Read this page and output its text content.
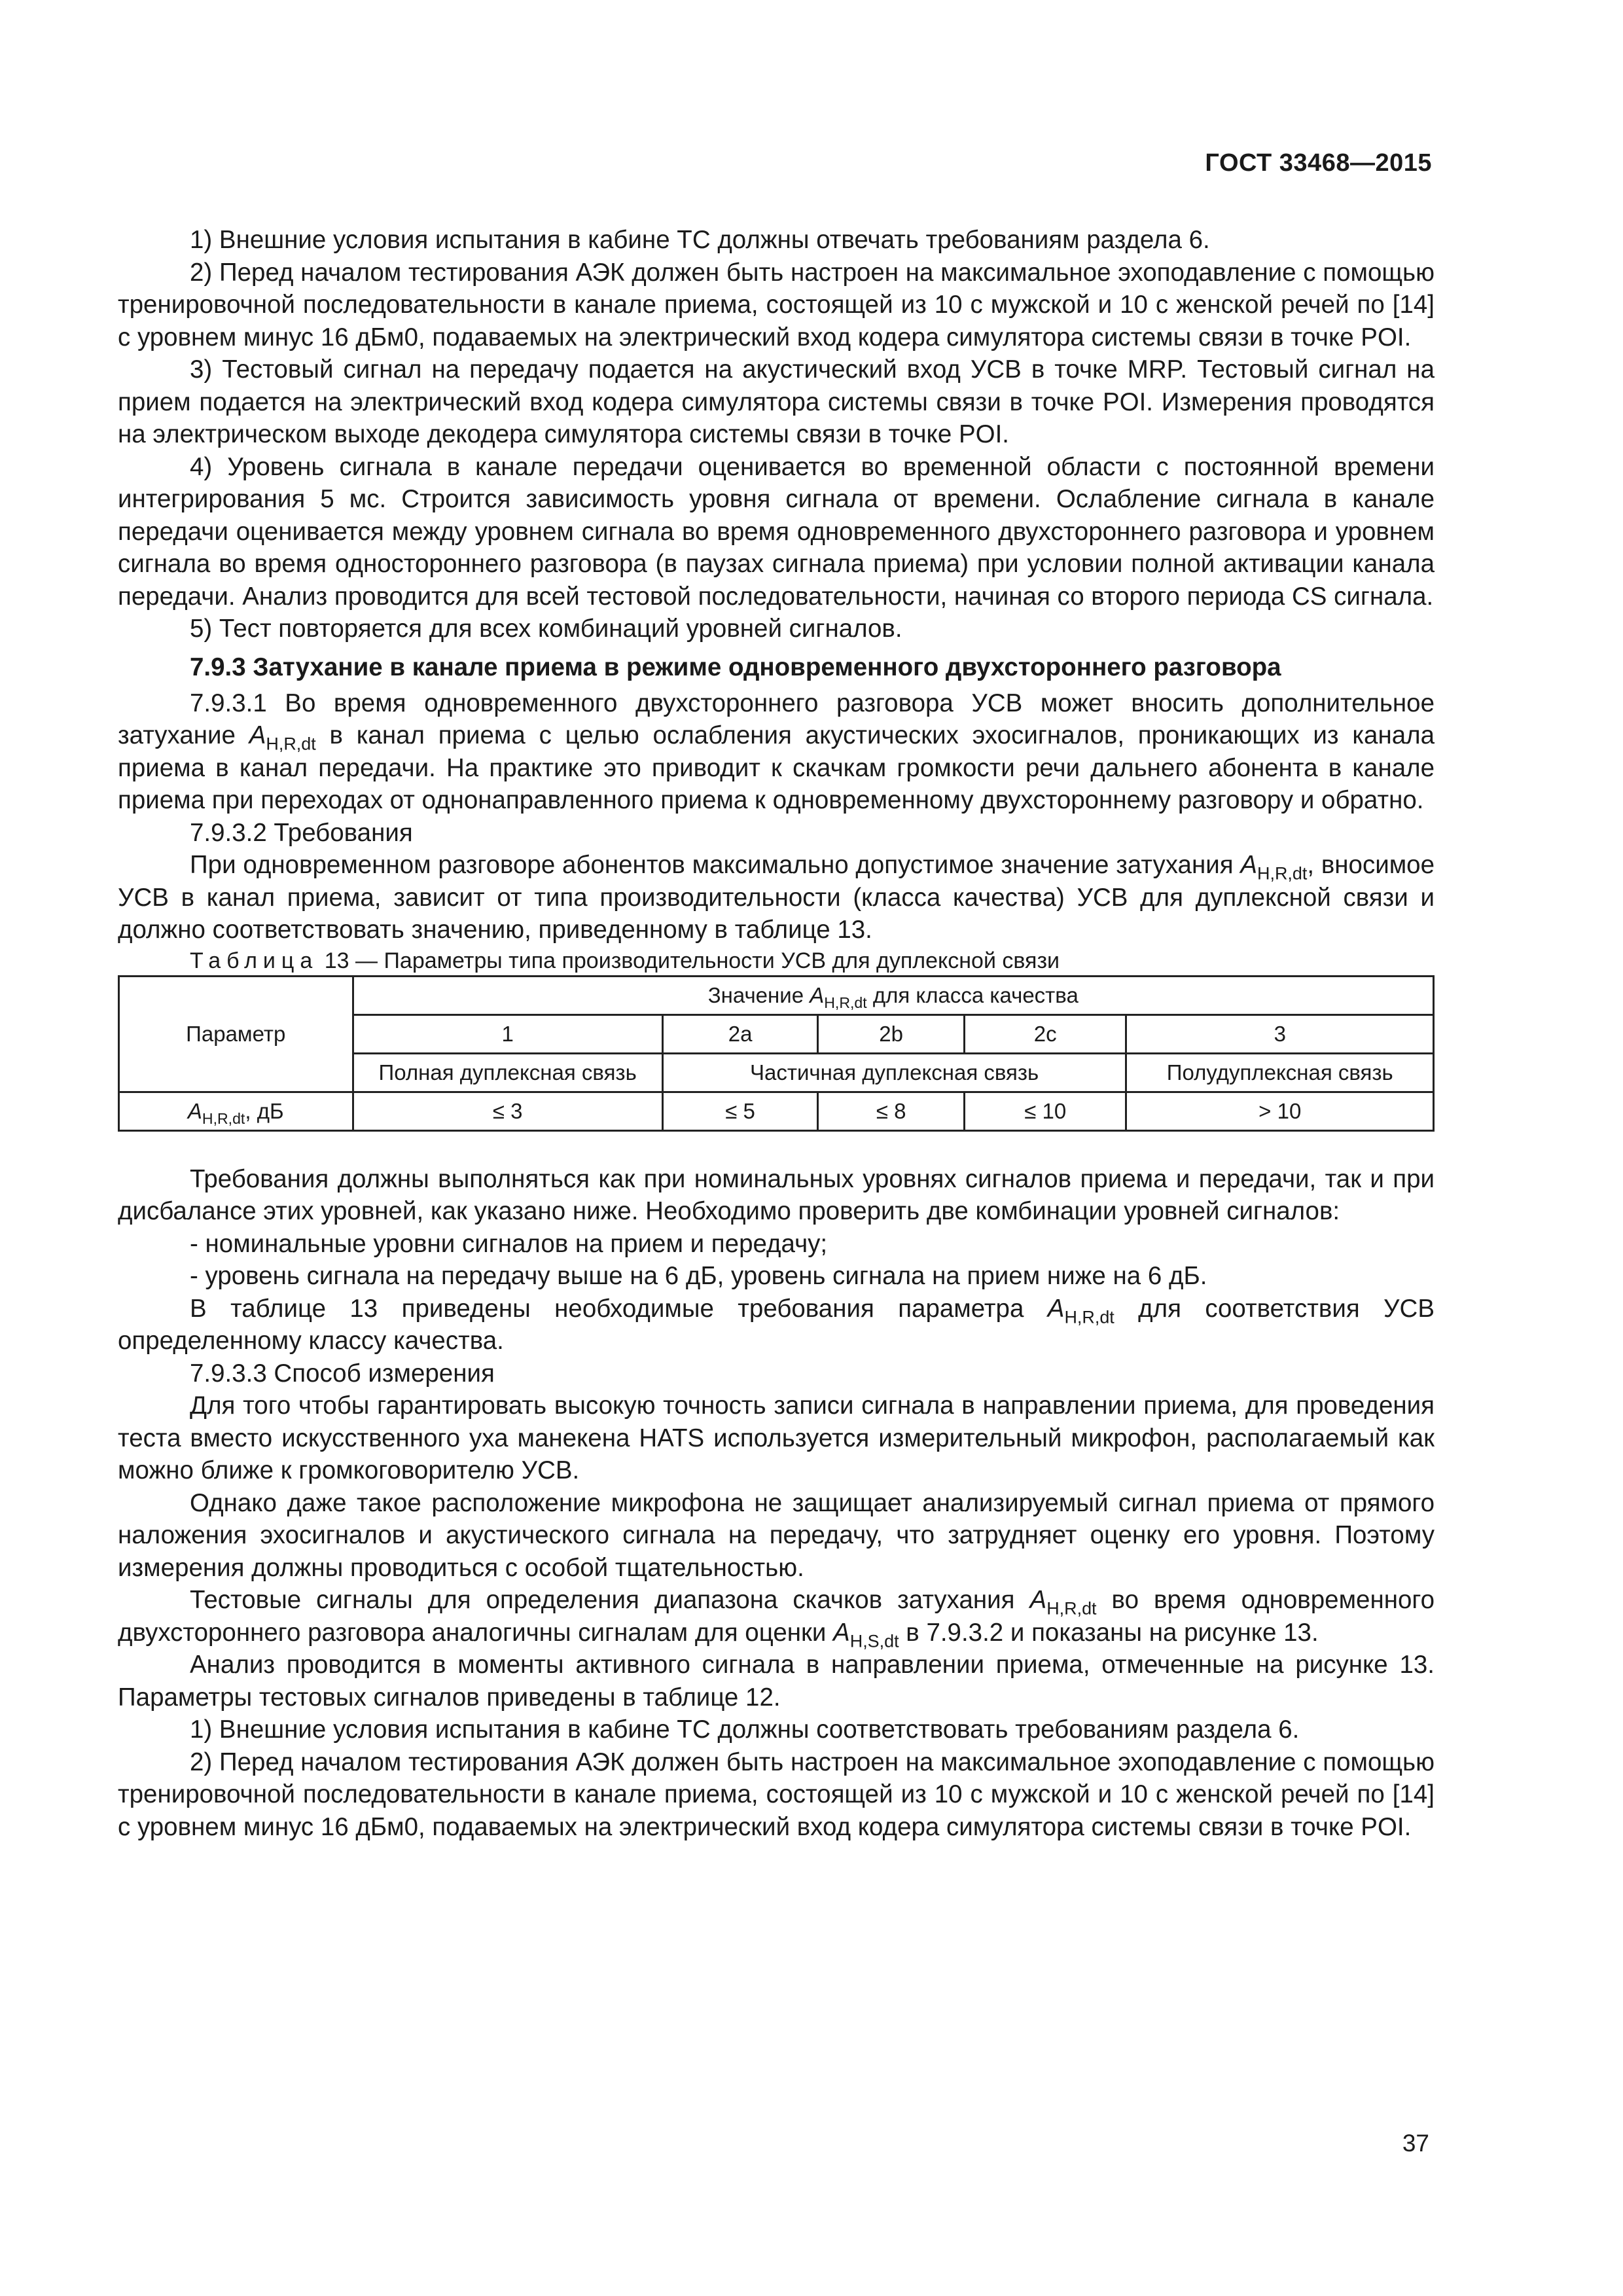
ГОСТ 33468—2015

1) Внешние условия испытания в кабине ТС должны отвечать требованиям раздела 6.

2) Перед началом тестирования АЭК должен быть настроен на максимальное эхоподавление с помощью тренировочной последовательности в канале приема, состоящей из 10 с мужской и 10 с женской речей по [14] с уровнем минус 16 дБм0, подаваемых на электрический вход кодера симулятора системы связи в точке POI.

3) Тестовый сигнал на передачу подается на акустический вход УСВ в точке MRP. Тестовый сигнал на прием подается на электрический вход кодера симулятора системы связи в точке POI. Измерения проводятся на электрическом выходе декодера симулятора системы связи в точке POI.

4) Уровень сигнала в канале передачи оценивается во временной области с постоянной времени интегрирования 5 мс. Строится зависимость уровня сигнала от времени. Ослабление сигнала в канале передачи оценивается между уровнем сигнала во время одновременного двухстороннего разговора и уровнем сигнала во время одностороннего разговора (в паузах сигнала приема) при условии полной активации канала передачи. Анализ проводится для всей тестовой последовательности, начиная со второго периода CS сигнала.

5) Тест повторяется для всех комбинаций уровней сигналов.

7.9.3 Затухание в канале приема в режиме одновременного двухстороннего разговора

7.9.3.1 Во время одновременного двухстороннего разговора УСВ может вносить дополнительное затухание $A_{H,R,dt}$ в канал приема с целью ослабления акустических эхосигналов, проникающих из канала приема в канал передачи. На практике это приводит к скачкам громкости речи дальнего абонента в канале приема при переходах от однонаправленного приема к одновременному двухстороннему разговору и обратно.

7.9.3.2 Требования

При одновременном разговоре абонентов максимально допустимое значение затухания $A_{H,R,dt}$, вносимое УСВ в канал приема, зависит от типа производительности (класса качества) УСВ для дуплексной связи и должно соответствовать значению, приведенному в таблице 13.

Таблица 13 — Параметры типа производительности УСВ для дуплексной связи

Параметр	Значение $A_{H,R,dt}$ для класса качества				
	1	2a	2b	2c	3
	Полная дуплексная связь	Частичная дуплексная связь			Полудуплексная связь
$A_{H,R,dt}$, дБ	≤ 3	≤ 5	≤ 8	≤ 10	> 10

Требования должны выполняться как при номинальных уровнях сигналов приема и передачи, так и при дисбалансе этих уровней, как указано ниже. Необходимо проверить две комбинации уровней сигналов:

- номинальные уровни сигналов на прием и передачу;

- уровень сигнала на передачу выше на 6 дБ, уровень сигнала на прием ниже на 6 дБ.

В таблице 13 приведены необходимые требования параметра $A_{H,R,dt}$ для соответствия УСВ определенному классу качества.

7.9.3.3 Способ измерения

Для того чтобы гарантировать высокую точность записи сигнала в направлении приема, для проведения теста вместо искусственного уха манекена HATS используется измерительный микрофон, располагаемый как можно ближе к громкоговорителю УСВ.

Однако даже такое расположение микрофона не защищает анализируемый сигнал приема от прямого наложения эхосигналов и акустического сигнала на передачу, что затрудняет оценку его уровня. Поэтому измерения должны проводиться с особой тщательностью.

Тестовые сигналы для определения диапазона скачков затухания $A_{H,R,dt}$ во время одновременного двухстороннего разговора аналогичны сигналам для оценки $A_{H,S,dt}$ в 7.9.3.2 и показаны на рисунке 13.

Анализ проводится в моменты активного сигнала в направлении приема, отмеченные на рисунке 13. Параметры тестовых сигналов приведены в таблице 12.

1) Внешние условия испытания в кабине ТС должны соответствовать требованиям раздела 6.

2) Перед началом тестирования АЭК должен быть настроен на максимальное эхоподавление с помощью тренировочной последовательности в канале приема, состоящей из 10 с мужской и 10 с женской речей по [14] с уровнем минус 16 дБм0, подаваемых на электрический вход кодера симулятора системы связи в точке POI.

37
